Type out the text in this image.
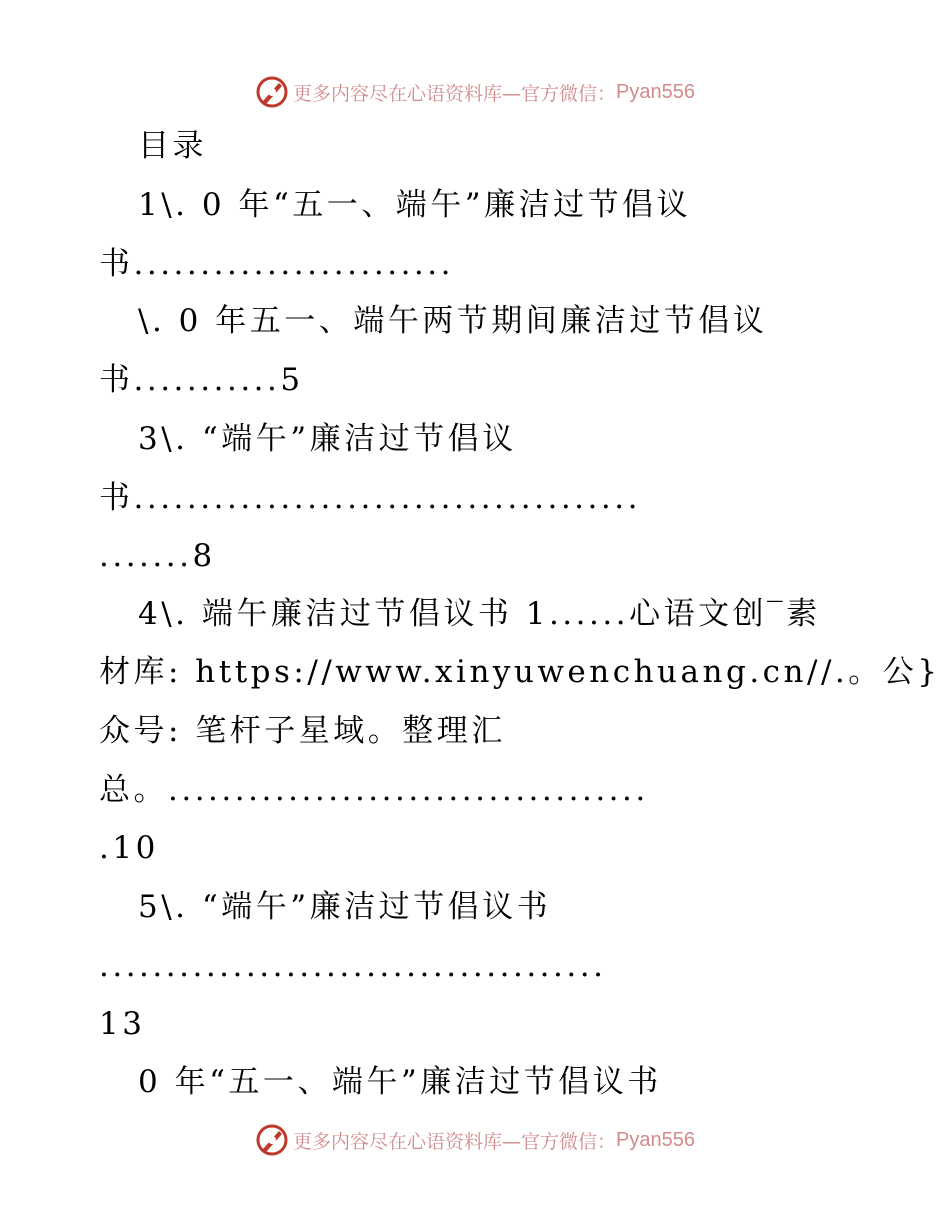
更多内容尽在心语资料库—官方微信： Pyan556
目录
1\. 0 年“五一、端午”廉洁过节倡议
书........................
\. 0 年五一、端午两节期间廉洁过节倡议
书...........5
3\. “端午”廉洁过节倡议
书......................................
.......8
4\. 端午廉洁过节倡议书 1......心语文创‾素
材库: https://www.xinyuwenchuang.cn//.。公}
众号: 笔杆子星域。整理汇
总。....................................
.10
5\. “端午”廉洁过节倡议书
......................................
13
0 年“五一、端午”廉洁过节倡议书
更多内容尽在心语资料库—官方微信： Pyan556
